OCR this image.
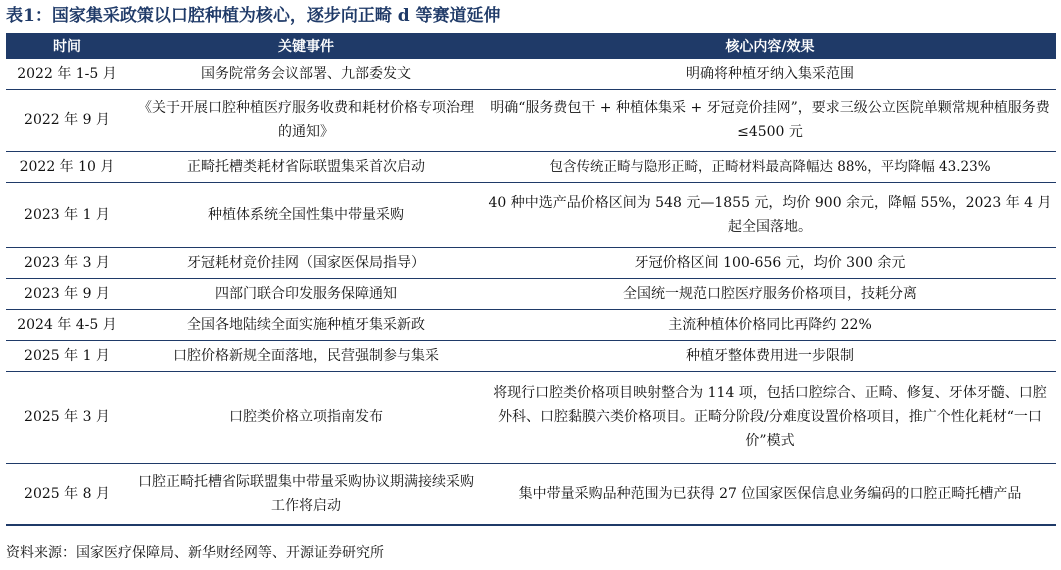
表1：国家集采政策以口腔种植为核心，逐步向正畸 d 等赛道延伸
时间	关键事件	核心内容/效果
2022 年 1-5 月	国务院常务会议部署、九部委发文	明确将种植牙纳入集采范围
2022 年 9 月	《关于开展口腔种植医疗服务收费和耗材价格专项治理的通知》	明确“服务费包干 + 种植体集采 + 牙冠竞价挂网”，要求三级公立医院单颗常规种植服务费≤4500 元
2022 年 10 月	正畸托槽类耗材省际联盟集采首次启动	包含传统正畸与隐形正畸，正畸材料最高降幅达 88%，平均降幅 43.23%
2023 年 1 月	种植体系统全国性集中带量采购	40 种中选产品价格区间为 548 元—1855 元，均价 900 余元，降幅 55%，2023 年 4 月起全国落地。
2023 年 3 月	牙冠耗材竞价挂网（国家医保局指导）	牙冠价格区间 100-656 元，均价 300 余元
2023 年 9 月	四部门联合印发服务保障通知	全国统一规范口腔医疗服务价格项目，技耗分离
2024 年 4-5 月	全国各地陆续全面实施种植牙集采新政	主流种植体价格同比再降约 22%
2025 年 1 月	口腔价格新规全面落地，民营强制参与集采	种植牙整体费用进一步限制
2025 年 3 月	口腔类价格立项指南发布	将现行口腔类价格项目映射整合为 114 项，包括口腔综合、正畸、修复、牙体牙髓、口腔外科、口腔黏膜六类价格项目。正畸分阶段/分难度设置价格项目，推广个性化耗材“一口价”模式
2025 年 8 月	口腔正畸托槽省际联盟集中带量采购协议期满接续采购工作将启动	集中带量采购品种范围为已获得 27 位国家医保信息业务编码的口腔正畸托槽产品
资料来源：国家医疗保障局、新华财经网等、开源证券研究所
